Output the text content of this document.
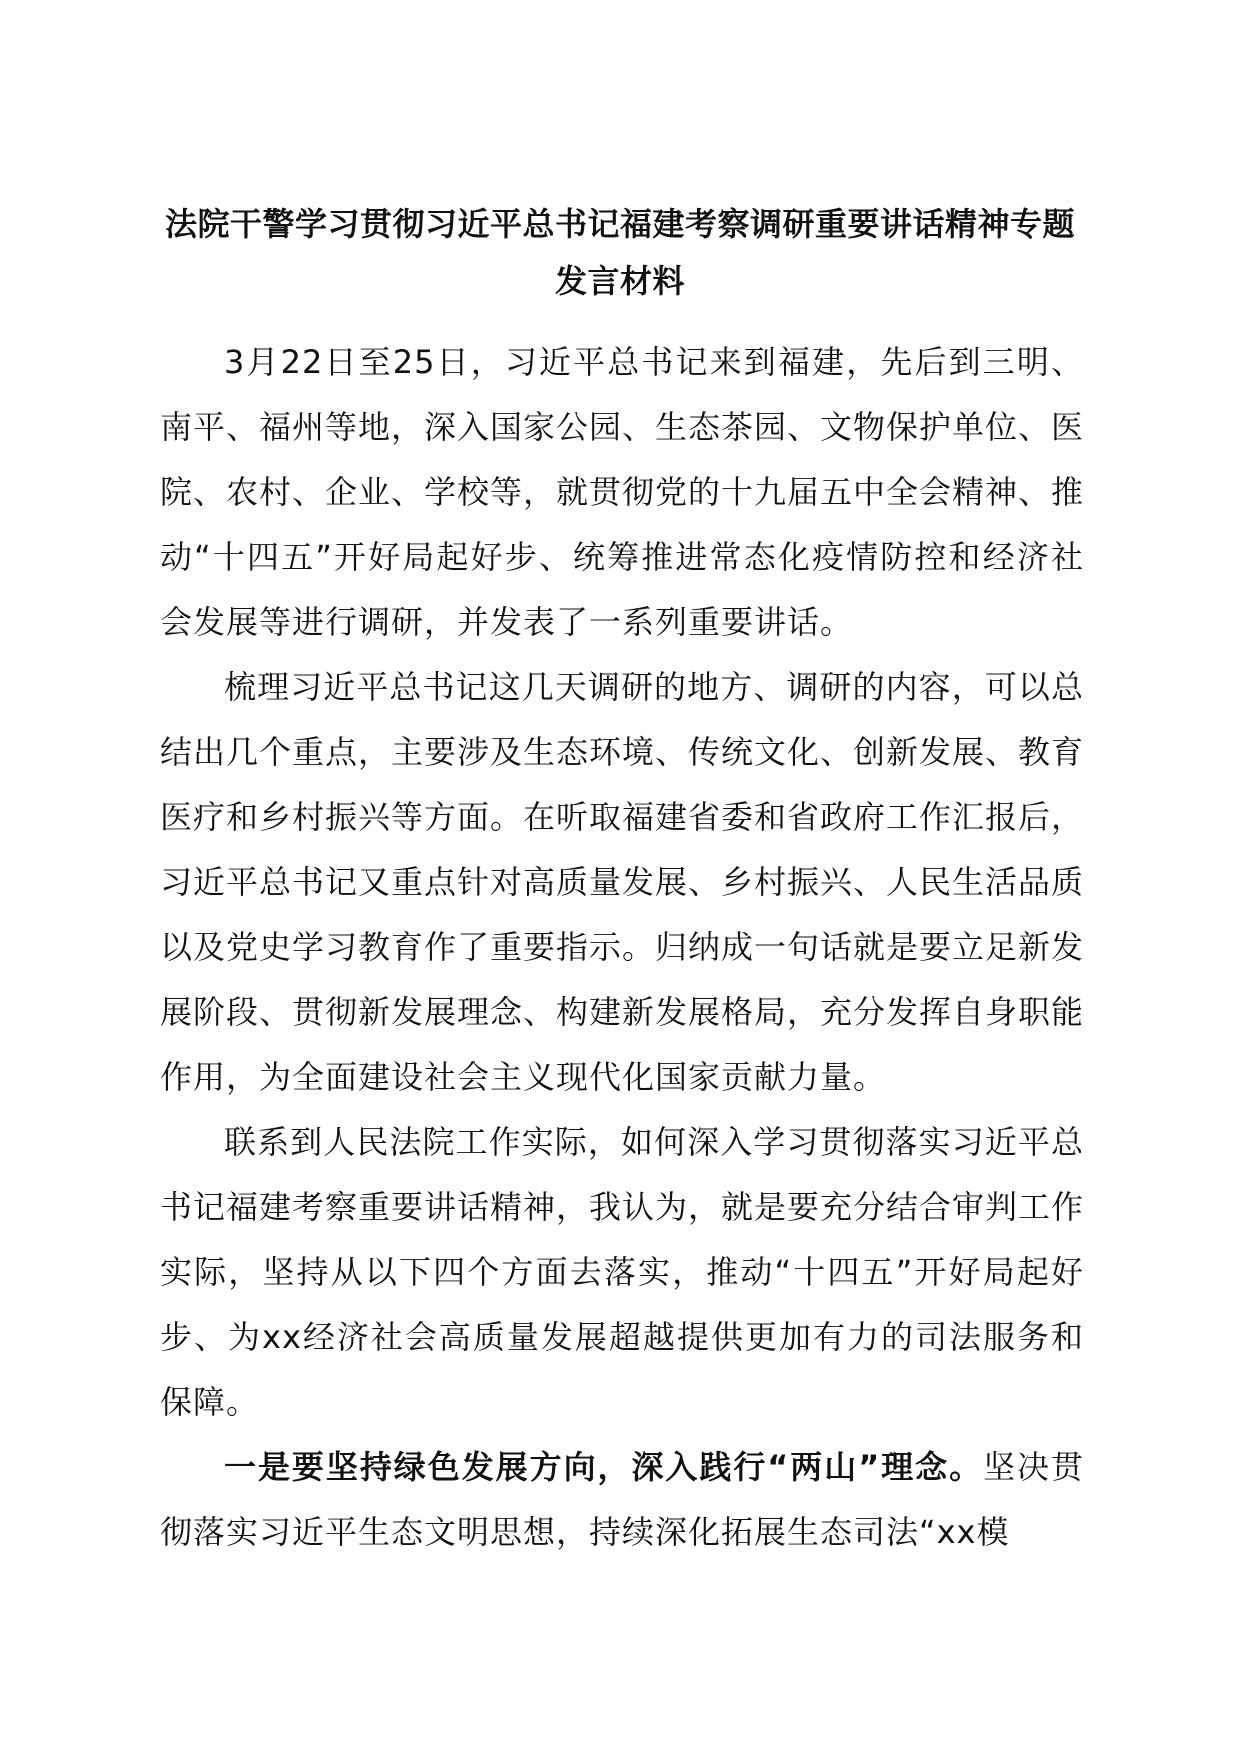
法院干警学习贯彻习近平总书记福建考察调研重要讲话精神专题发言材料

3月22日至25日，习近平总书记来到福建，先后到三明、南平、福州等地，深入国家公园、生态茶园、文物保护单位、医院、农村、企业、学校等，就贯彻党的十九届五中全会精神、推动“十四五”开好局起好步、统筹推进常态化疫情防控和经济社会发展等进行调研，并发表了一系列重要讲话。

梳理习近平总书记这几天调研的地方、调研的内容，可以总结出几个重点，主要涉及生态环境、传统文化、创新发展、教育医疗和乡村振兴等方面。在听取福建省委和省政府工作汇报后，习近平总书记又重点针对高质量发展、乡村振兴、人民生活品质以及党史学习教育作了重要指示。归纳成一句话就是要立足新发展阶段、贯彻新发展理念、构建新发展格局，充分发挥自身职能作用，为全面建设社会主义现代化国家贡献力量。

联系到人民法院工作实际，如何深入学习贯彻落实习近平总书记福建考察重要讲话精神，我认为，就是要充分结合审判工作实际，坚持从以下四个方面去落实，推动“十四五”开好局起好步、为xx经济社会高质量发展超越提供更加有力的司法服务和保障。

一是要坚持绿色发展方向，深入践行“两山”理念。坚决贯彻落实习近平生态文明思想，持续深化拓展生态司法“xx模
